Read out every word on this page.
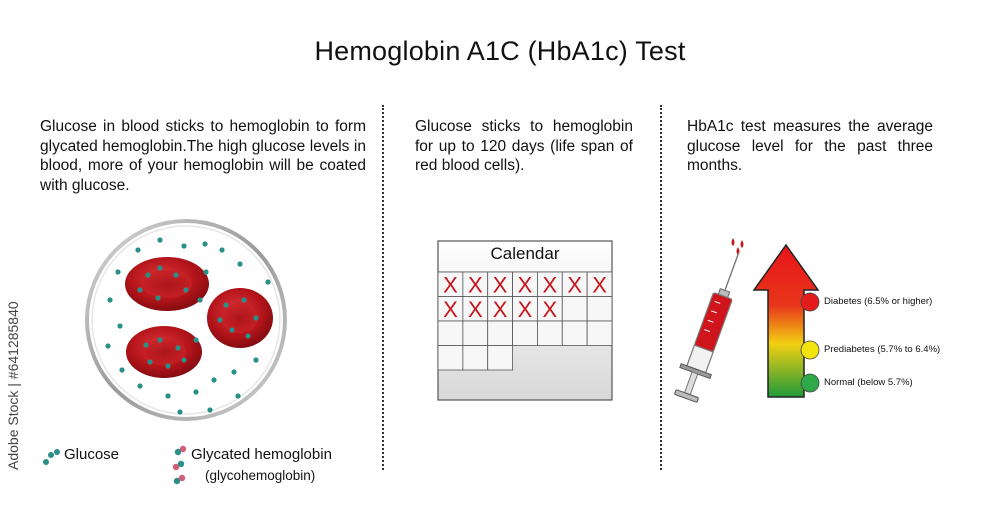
Hemoglobin A1C (HbA1c) Test
Glucose in blood sticks to hemoglobin to form glycated hemoglobin.The high glucose levels in blood, more of your hemoglobin will be coated with glucose.
Glucose sticks to hemoglobin for up to 120 days (life span of red blood cells).
HbA1c test measures the average glucose level for the past three months.
Adobe Stock | #641285840
X X X X X X X
X X X X X
Calendar
Diabetes (6.5% or higher)
Prediabetes (5.7% to 6.4%)
Normal (below 5.7%)
Glucose	Glycated hemoglobin
(glycohemoglobin)
